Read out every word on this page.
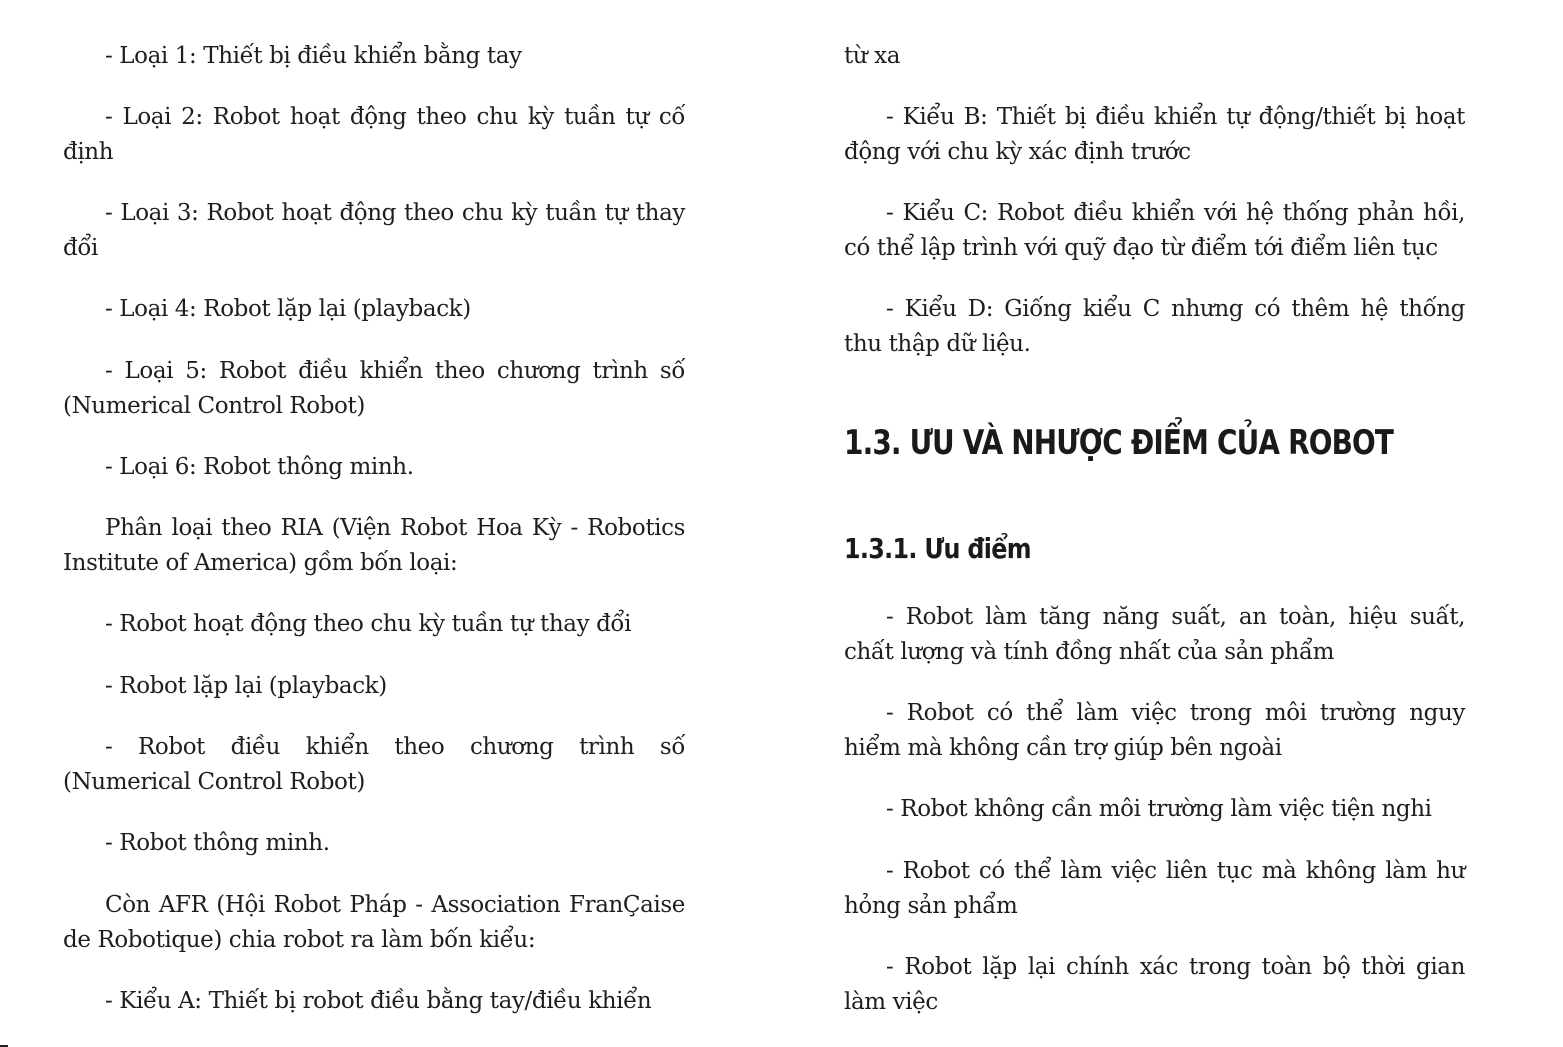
- Loại 1: Thiết bị điều khiển bằng tay

- Loại 2: Robot hoạt động theo chu kỳ tuần tự cố định

- Loại 3: Robot hoạt động theo chu kỳ tuần tự thay đổi

- Loại 4: Robot lặp lại (playback)

- Loại 5: Robot điều khiển theo chương trình số (Numerical Control Robot)

- Loại 6: Robot thông minh.

Phân loại theo RIA (Viện Robot Hoa Kỳ - Robotics Institute of America) gồm bốn loại:

- Robot hoạt động theo chu kỳ tuần tự thay đổi

- Robot lặp lại (playback)

- Robot điều khiển theo chương trình số (Numerical Control Robot)

- Robot thông minh.

Còn AFR (Hội Robot Pháp - Association FranÇaise de Robotique) chia robot ra làm bốn kiểu:

- Kiểu A: Thiết bị robot điều bằng tay/điều khiển

từ xa

- Kiểu B: Thiết bị điều khiển tự động/thiết bị hoạt động với chu kỳ xác định trước

- Kiểu C: Robot điều khiển với hệ thống phản hồi, có thể lập trình với quỹ đạo từ điểm tới điểm liên tục

- Kiểu D: Giống kiểu C nhưng có thêm hệ thống thu thập dữ liệu.

1.3. ƯU VÀ NHƯỢC ĐIỂM CỦA ROBOT
1.3.1. Ưu điểm

- Robot làm tăng năng suất, an toàn, hiệu suất, chất lượng và tính đồng nhất của sản phẩm

- Robot có thể làm việc trong môi trường nguy hiểm mà không cần trợ giúp bên ngoài

- Robot không cần môi trường làm việc tiện nghi

- Robot có thể làm việc liên tục mà không làm hư hỏng sản phẩm

- Robot lặp lại chính xác trong toàn bộ thời gian làm việc
